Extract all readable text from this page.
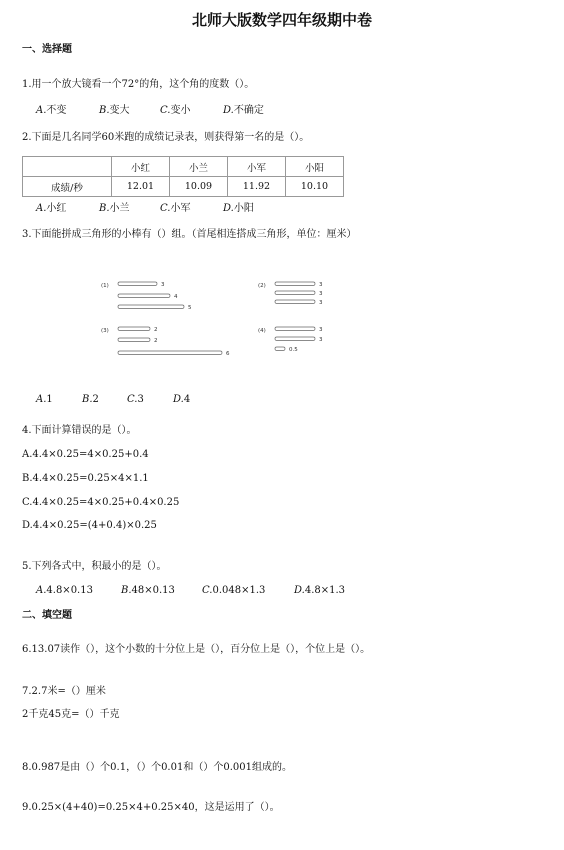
北师大版数学四年级期中卷
一、选择题
1.用一个放大镜看一个72°的角，这个角的度数（）。
A.不变	B.变大	C.变小	D.不确定
2.下面是几名同学60米跑的成绩记录表，则获得第一名的是（）。
	小红	小兰	小军	小阳
成绩/秒	12.01	10.09	11.92	10.10
A.小红	B.小兰	C.小军	D.小阳
3.下面能拼成三角形的小棒有（）组。（首尾相连搭成三角形，单位：厘米）
(1)	3
4
5
(2)	3
3
3
(3)	2
2
6
(4)	3
3
0.5
A.1	B.2	C.3	D.4
4.下面计算错误的是（）。
A.4.4×0.25=4×0.25+0.4
B.4.4×0.25=0.25×4×1.1
C.4.4×0.25=4×0.25+0.4×0.25
D.4.4×0.25=(4+0.4)×0.25
5.下列各式中，积最小的是（）。
A.4.8×0.13	B.48×0.13	C.0.048×1.3	D.4.8×1.3
二、填空题
6.13.07读作（），这个小数的十分位上是（），百分位上是（），个位上是（）。
7.2.7米=（）厘米
2千克45克=（）千克
8.0.987是由（）个0.1，（）个0.01和（）个0.001组成的。
9.0.25×(4+40)=0.25×4+0.25×40，这是运用了（）。
